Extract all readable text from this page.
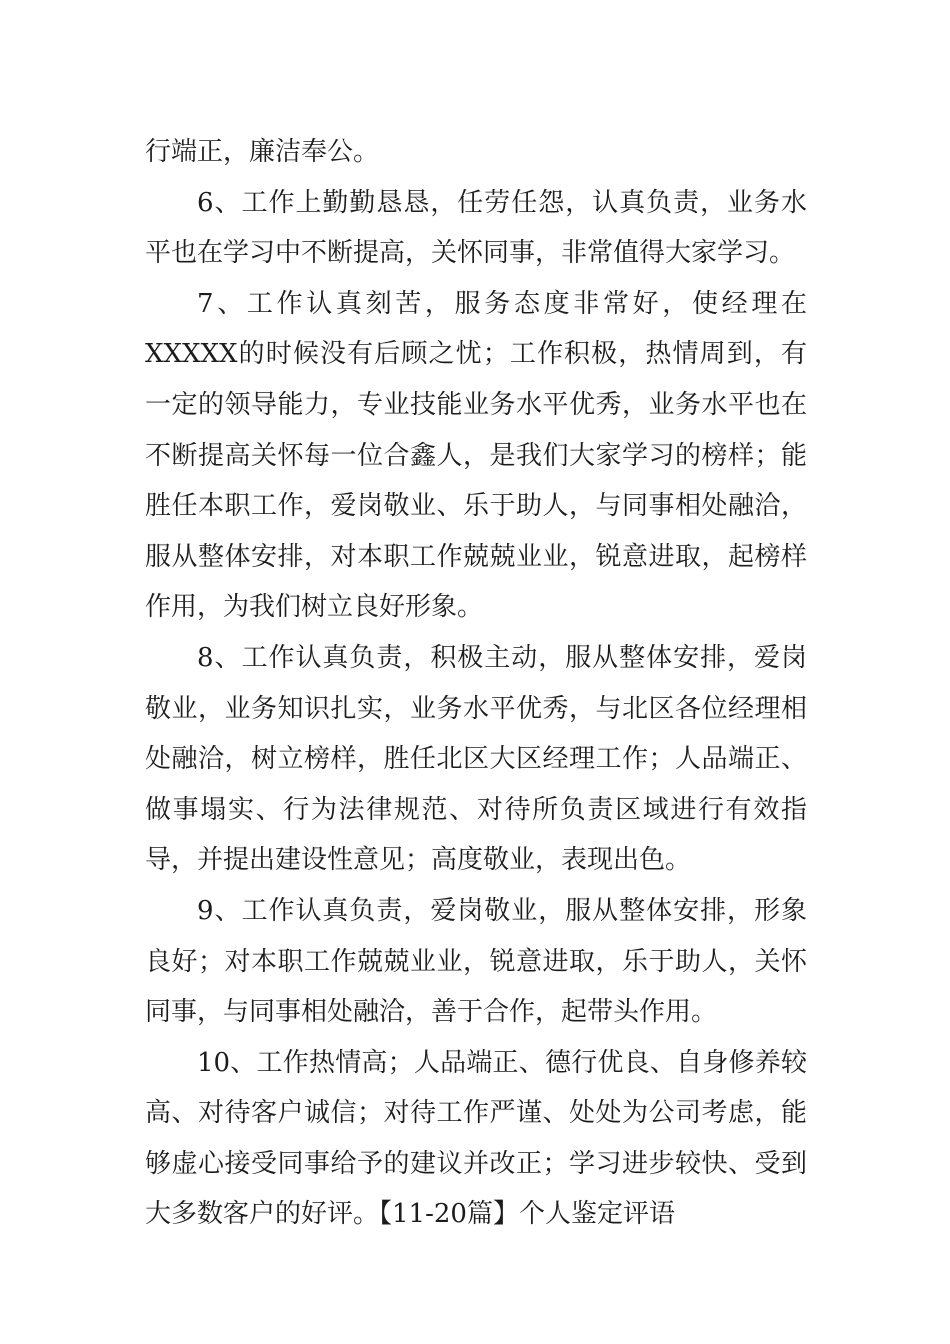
行端正，廉洁奉公。

6、工作上勤勤恳恳，任劳任怨，认真负责，业务水平也在学习中不断提高，关怀同事，非常值得大家学习。

7、工作认真刻苦，服务态度非常好，使经理在XXXXX的时候没有后顾之忧；工作积极，热情周到，有一定的领导能力，专业技能业务水平优秀，业务水平也在不断提高关怀每一位合鑫人，是我们大家学习的榜样；能胜任本职工作，爱岗敬业、乐于助人，与同事相处融洽，服从整体安排，对本职工作兢兢业业，锐意进取，起榜样作用，为我们树立良好形象。

8、工作认真负责，积极主动，服从整体安排，爱岗敬业，业务知识扎实，业务水平优秀，与北区各位经理相处融洽，树立榜样，胜任北区大区经理工作；人品端正、做事塌实、行为法律规范、对待所负责区域进行有效指导，并提出建设性意见；高度敬业，表现出色。

9、工作认真负责，爱岗敬业，服从整体安排，形象良好；对本职工作兢兢业业，锐意进取，乐于助人，关怀同事，与同事相处融洽，善于合作，起带头作用。

10、工作热情高；人品端正、德行优良、自身修养较高、对待客户诚信；对待工作严谨、处处为公司考虑，能够虚心接受同事给予的建议并改正；学习进步较快、受到大多数客户的好评。【11-20篇】个人鉴定评语
